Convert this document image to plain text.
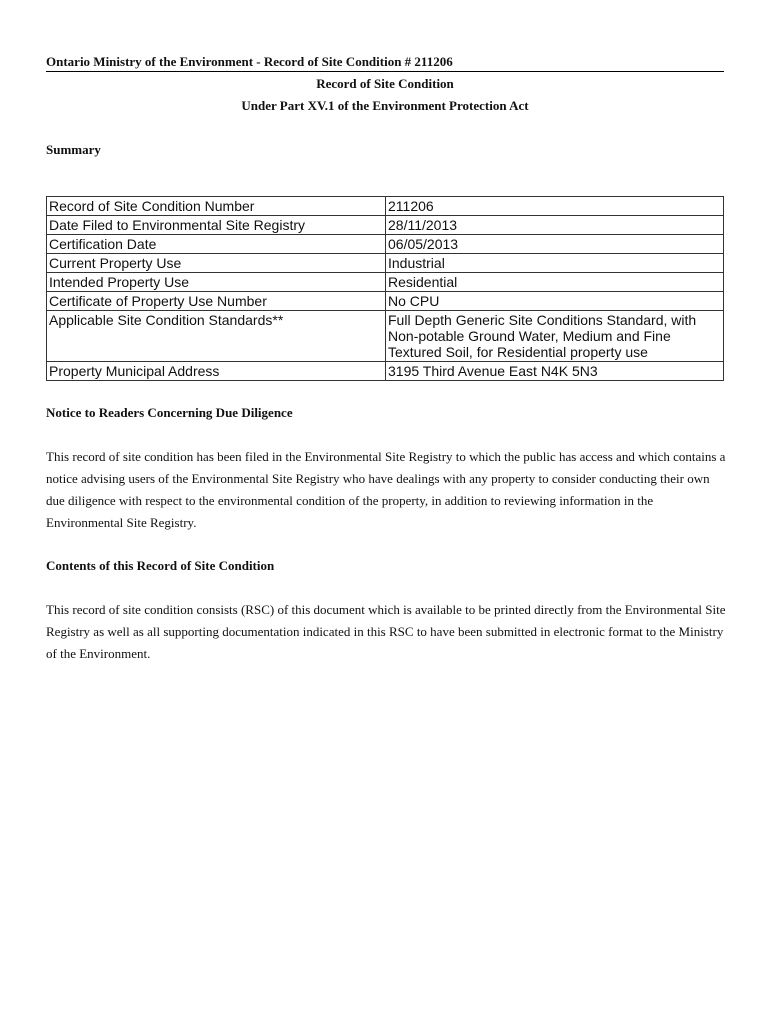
Ontario Ministry of the Environment - Record of Site Condition # 211206
Record of Site Condition
Under Part XV.1 of the Environment Protection Act
Summary
Record of Site Condition Number	211206
Date Filed to Environmental Site Registry	28/11/2013
Certification Date	06/05/2013
Current Property Use	Industrial
Intended Property Use	Residential
Certificate of Property Use Number	No CPU
Applicable Site Condition Standards**	Full Depth Generic Site Conditions Standard, with Non-potable Ground Water, Medium and Fine Textured Soil, for Residential property use
Property Municipal Address	3195 Third Avenue East N4K 5N3
Notice to Readers Concerning Due Diligence
This record of site condition has been filed in the Environmental Site Registry to which the public has access and which contains a notice advising users of the Environmental Site Registry who have dealings with any property to consider conducting their own due diligence with respect to the environmental condition of the property, in addition to reviewing information in the Environmental Site Registry.
Contents of this Record of Site Condition
This record of site condition consists (RSC) of this document which is available to be printed directly from the Environmental Site Registry as well as all supporting documentation indicated in this RSC to have been submitted in electronic format to the Ministry of the Environment.
